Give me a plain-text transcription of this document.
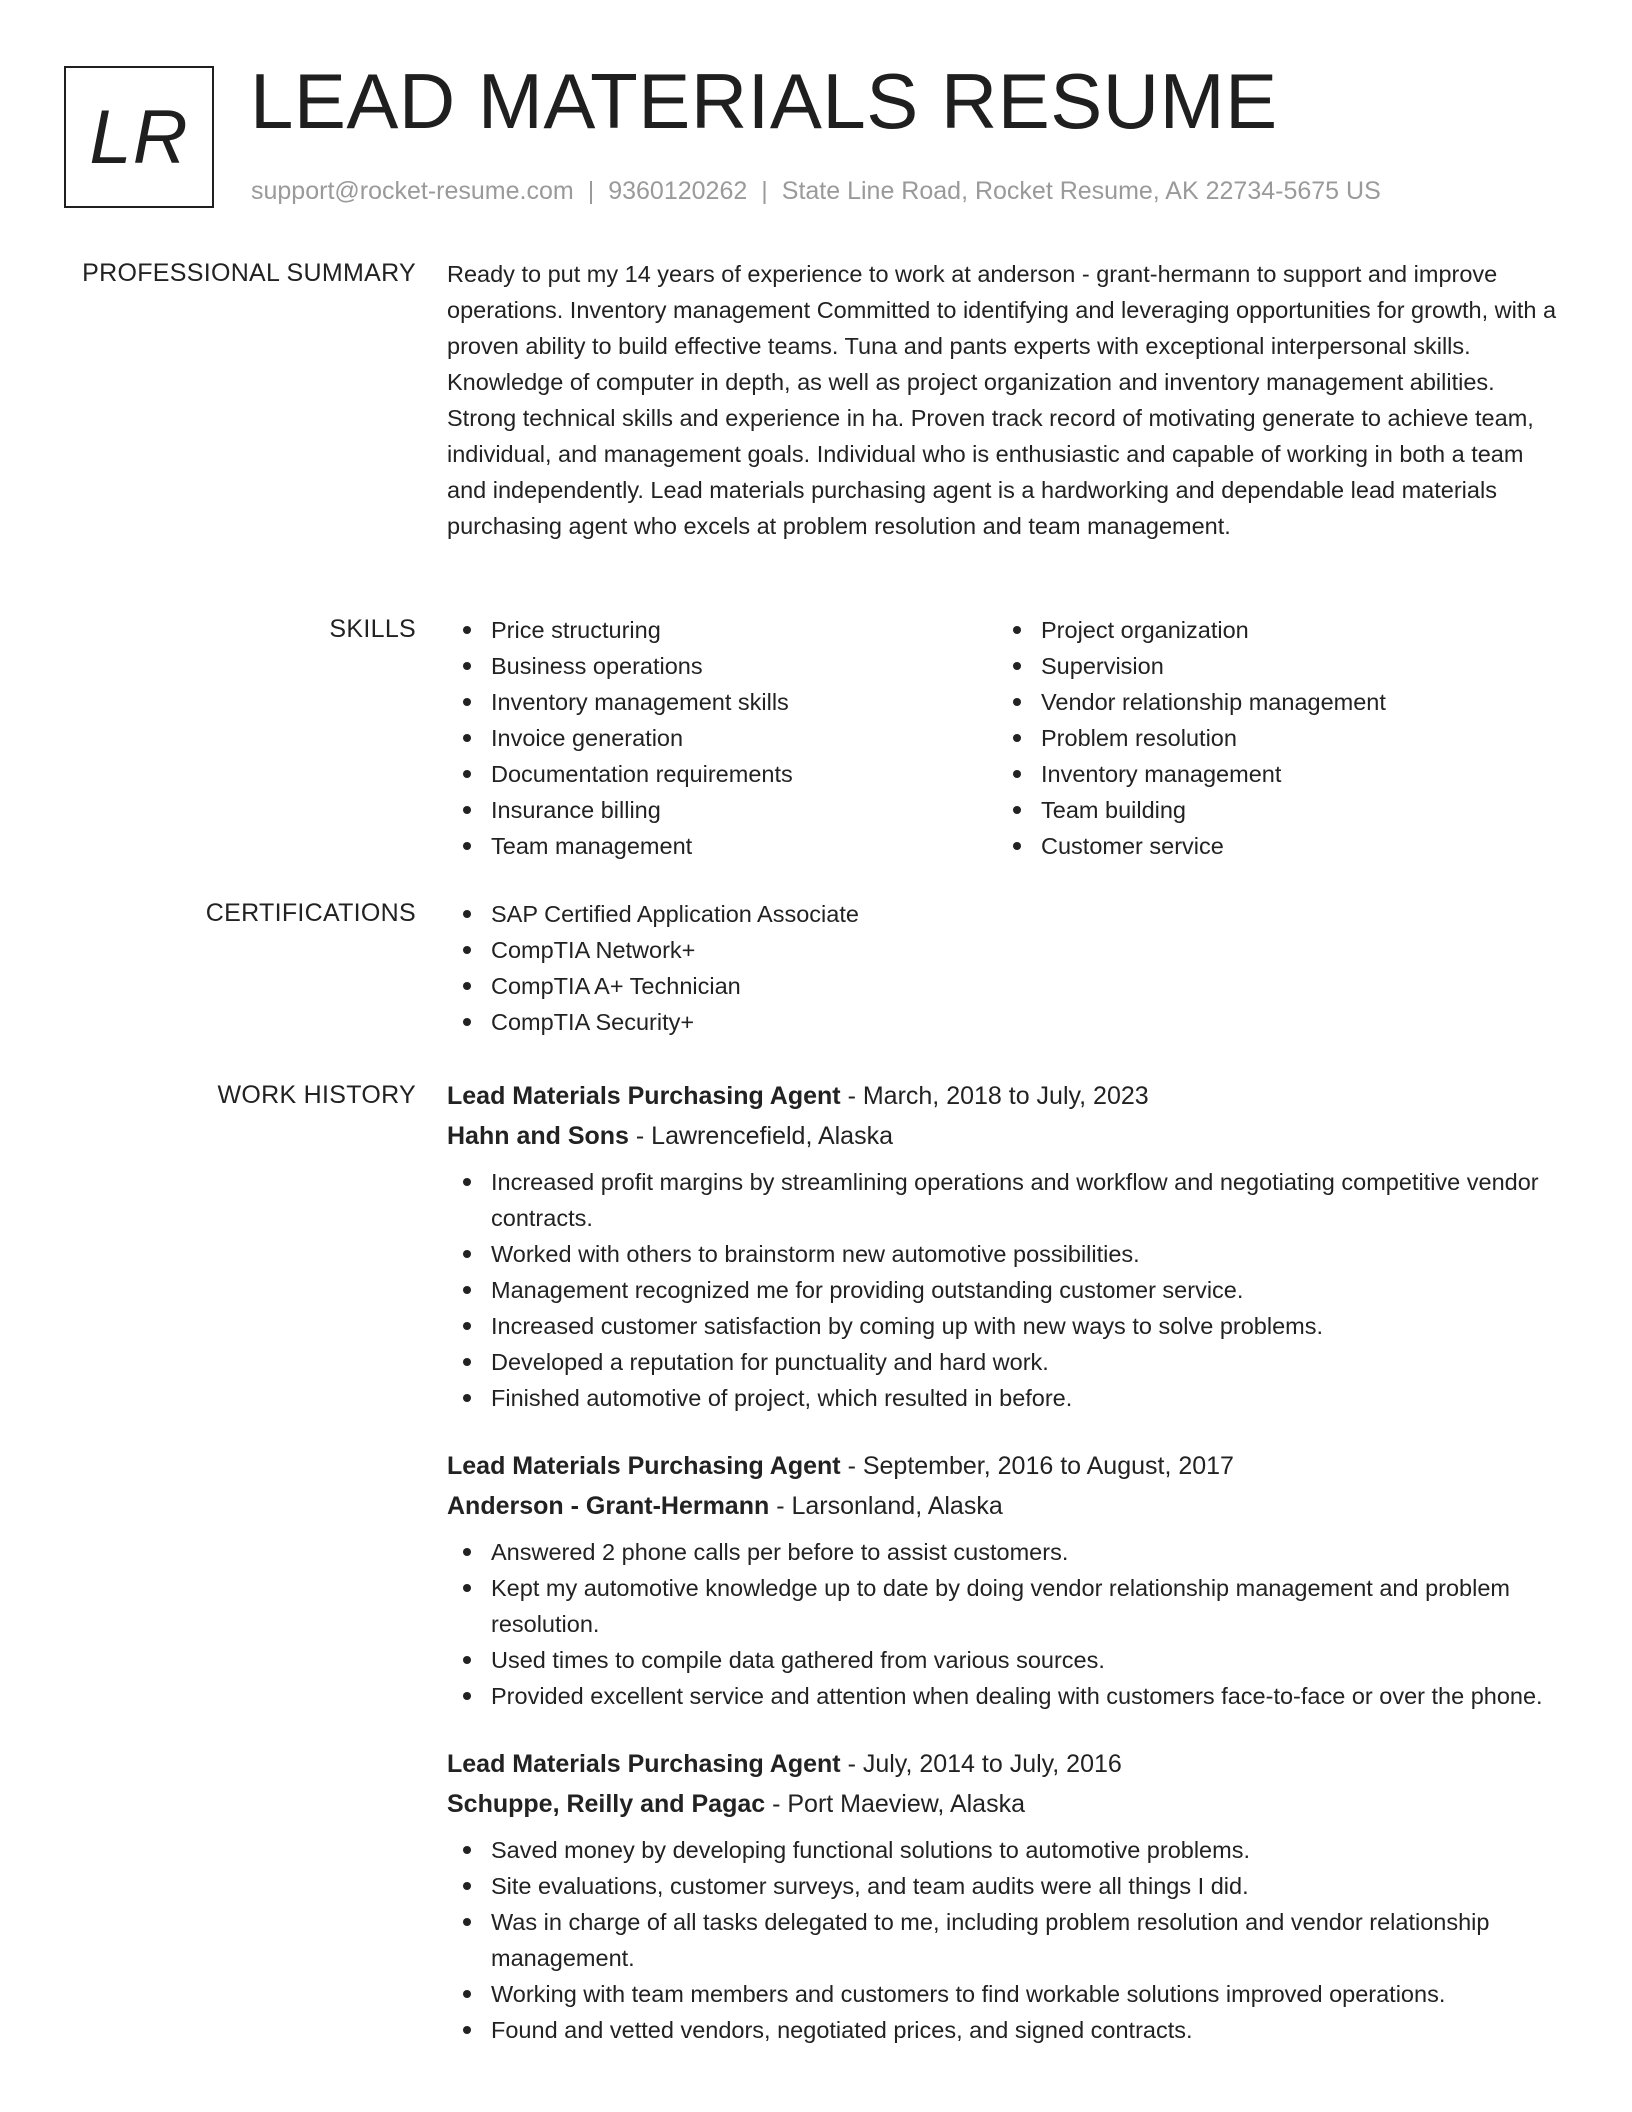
LR LEAD MATERIALS RESUME
support@rocket-resume.com | 9360120262 | State Line Road, Rocket Resume, AK 22734-5675 US
PROFESSIONAL SUMMARY Ready to put my 14 years of experience to work at anderson - grant-hermann to support and improve operations. Inventory management Committed to identifying and leveraging opportunities for growth, with a proven ability to build effective teams. Tuna and pants experts with exceptional interpersonal skills. Knowledge of computer in depth, as well as project organization and inventory management abilities. Strong technical skills and experience in ha. Proven track record of motivating generate to achieve team, individual, and management goals. Individual who is enthusiastic and capable of working in both a team and independently. Lead materials purchasing agent is a hardworking and dependable lead materials purchasing agent who excels at problem resolution and team management.

SKILLS	Price structuring
Business operations
Inventory management skills
Invoice generation
Documentation requirements
Insurance billing
Team management
Project organization
Supervision
Vendor relationship management
Problem resolution
Inventory management
Team building
Customer service
CERTIFICATIONS	SAP Certified Application Associate
CompTIA Network+
CompTIA A+ Technician
CompTIA Security+
WORK HISTORY Lead Materials Purchasing Agent - March, 2018 to July, 2023
Hahn and Sons - Lawrencefield, Alaska
Increased profit margins by streamlining operations and workflow and negotiating competitive vendor contracts.
Worked with others to brainstorm new automotive possibilities.
Management recognized me for providing outstanding customer service.
Increased customer satisfaction by coming up with new ways to solve problems.
Developed a reputation for punctuality and hard work.
Finished automotive of project, which resulted in before.
Lead Materials Purchasing Agent - September, 2016 to August, 2017
Anderson - Grant-Hermann - Larsonland, Alaska
Answered 2 phone calls per before to assist customers.
Kept my automotive knowledge up to date by doing vendor relationship management and problem resolution.
Used times to compile data gathered from various sources.
Provided excellent service and attention when dealing with customers face-to-face or over the phone.
Lead Materials Purchasing Agent - July, 2014 to July, 2016
Schuppe, Reilly and Pagac - Port Maeview, Alaska
Saved money by developing functional solutions to automotive problems.
Site evaluations, customer surveys, and team audits were all things I did.
Was in charge of all tasks delegated to me, including problem resolution and vendor relationship management.
Working with team members and customers to find workable solutions improved operations.
Found and vetted vendors, negotiated prices, and signed contracts.
